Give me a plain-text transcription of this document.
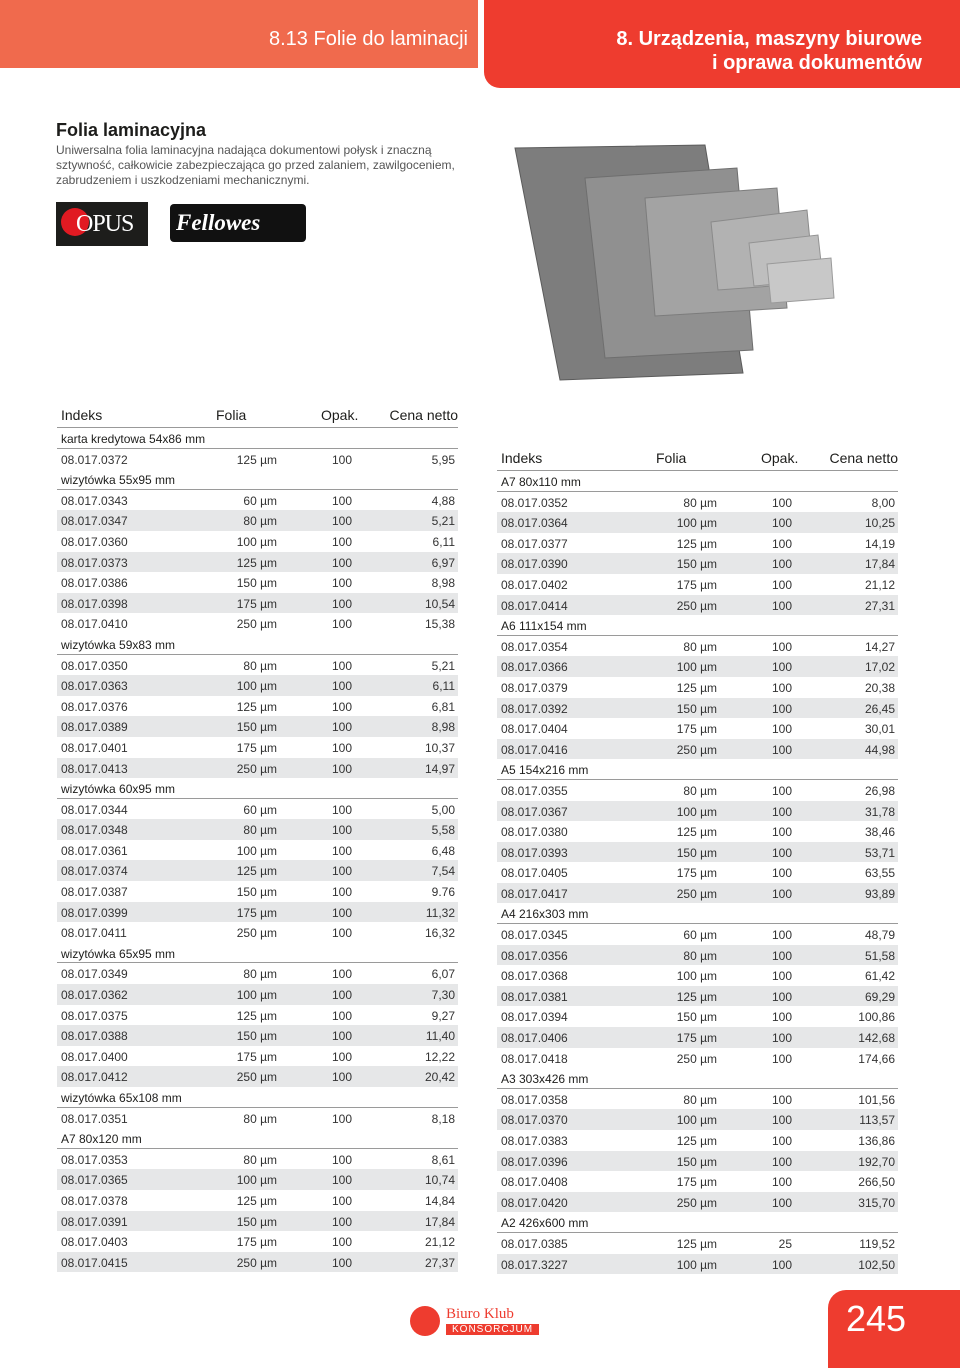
8.13 Folie do laminacji	8. Urządzenia, maszyny biurowe
i oprawa dokumentów
Folia laminacyjna
Uniwersalna folia laminacyjna nadająca dokumentowi połysk i znaczną sztywność, całkowicie zabezpieczająca go przed zalaniem, zawilgoceniem, zabrudzeniem i uszkodzeniami mechanicznymi.
OPUS Fellowes
Indeks	Folia	Opak. Cena netto
karta kredytowa 54x86 mm
08.017.0372	125 µm	100	5,95
wizytówka 55x95 mm
08.017.0343	60 µm	100	4,88
08.017.0347	80 µm	100	5,21
08.017.0360	100 µm	100	6,11
08.017.0373	125 µm	100	6,97
08.017.0386	150 µm	100	8,98
08.017.0398	175 µm	100	10,54
08.017.0410	250 µm	100	15,38
wizytówka 59x83 mm
08.017.0350	80 µm	100	5,21
08.017.0363	100 µm	100	6,11
08.017.0376	125 µm	100	6,81
08.017.0389	150 µm	100	8,98
08.017.0401	175 µm	100	10,37
08.017.0413	250 µm	100	14,97
wizytówka 60x95 mm
08.017.0344	60 µm	100	5,00
08.017.0348	80 µm	100	5,58
08.017.0361	100 µm	100	6,48
08.017.0374	125 µm	100	7,54
08.017.0387	150 µm	100	9.76
08.017.0399	175 µm	100	11,32
08.017.0411	250 µm	100	16,32
wizytówka 65x95 mm
08.017.0349	80 µm	100	6,07
08.017.0362	100 µm	100	7,30
08.017.0375	125 µm	100	9,27
08.017.0388	150 µm	100	11,40
08.017.0400	175 µm	100	12,22
08.017.0412	250 µm	100	20,42
wizytówka 65x108 mm
08.017.0351	80 µm	100	8,18
A7 80x120 mm
08.017.0353	80 µm	100	8,61
08.017.0365	100 µm	100	10,74
08.017.0378	125 µm	100	14,84
08.017.0391	150 µm	100	17,84
08.017.0403	175 µm	100	21,12
08.017.0415	250 µm	100	27,37
Indeks	Folia	Opak. Cena netto
A7 80x110 mm
08.017.0352	80 µm	100	8,00
08.017.0364	100 µm	100	10,25
08.017.0377	125 µm	100	14,19
08.017.0390	150 µm	100	17,84
08.017.0402	175 µm	100	21,12
08.017.0414	250 µm	100	27,31
A6 111x154 mm
08.017.0354	80 µm	100	14,27
08.017.0366	100 µm	100	17,02
08.017.0379	125 µm	100	20,38
08.017.0392	150 µm	100	26,45
08.017.0404	175 µm	100	30,01
08.017.0416	250 µm	100	44,98
A5 154x216 mm
08.017.0355	80 µm	100	26,98
08.017.0367	100 µm	100	31,78
08.017.0380	125 µm	100	38,46
08.017.0393	150 µm	100	53,71
08.017.0405	175 µm	100	63,55
08.017.0417	250 µm	100	93,89
A4 216x303 mm
08.017.0345	60 µm	100	48,79
08.017.0356	80 µm	100	51,58
08.017.0368	100 µm	100	61,42
08.017.0381	125 µm	100	69,29
08.017.0394	150 µm	100	100,86
08.017.0406	175 µm	100	142,68
08.017.0418	250 µm	100	174,66
A3 303x426 mm
08.017.0358	80 µm	100	101,56
08.017.0370	100 µm	100	113,57
08.017.0383	125 µm	100	136,86
08.017.0396	150 µm	100	192,70
08.017.0408	175 µm	100	266,50
08.017.0420	250 µm	100	315,70
A2 426x600 mm
08.017.0385	125 µm	25	119,52
08.017.3227	100 µm	100	102,50
Biuro Klub
KONSORCJUM	245
